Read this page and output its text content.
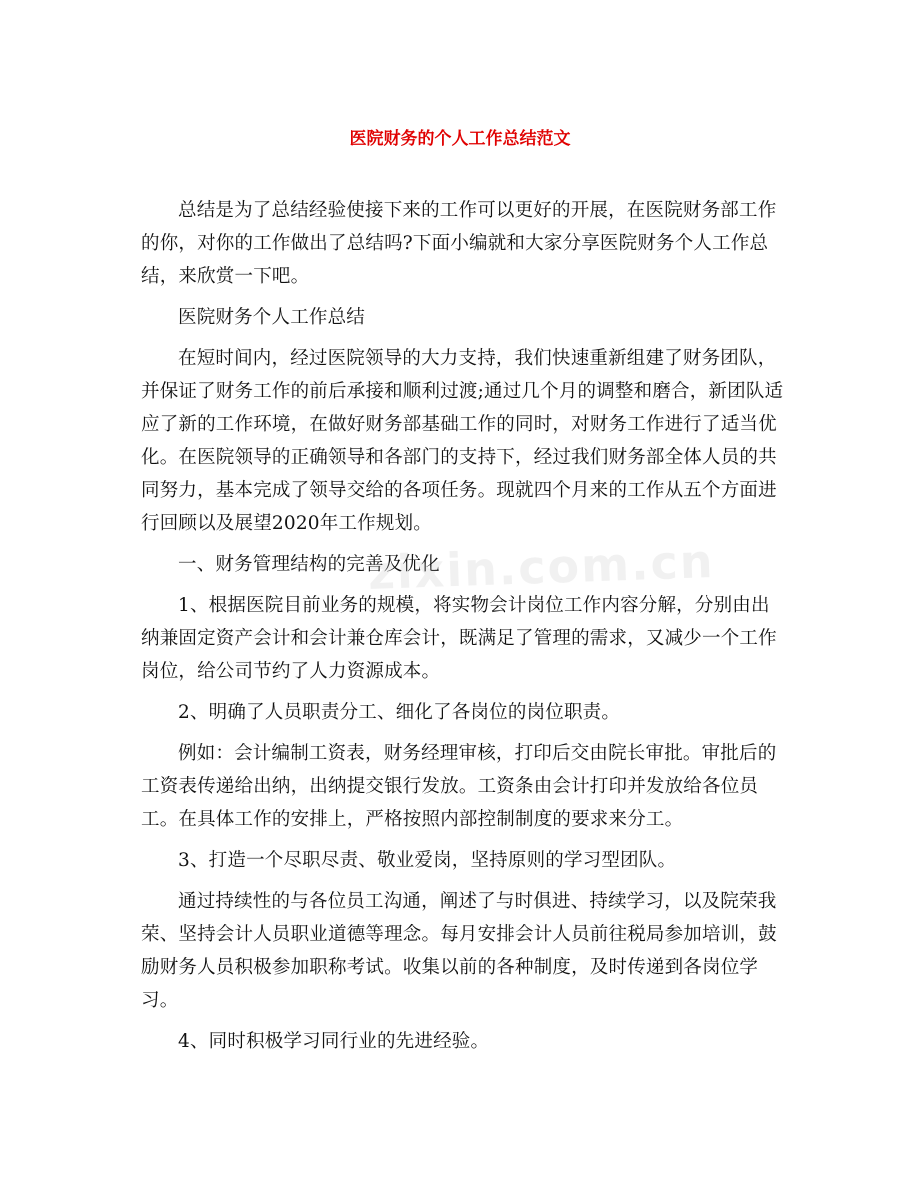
医院财务的个人工作总结范文

总结是为了总结经验使接下来的工作可以更好的开展，在医院财务部工作的你，对你的工作做出了总结吗?下面小编就和大家分享医院财务个人工作总结，来欣赏一下吧。

医院财务个人工作总结

在短时间内，经过医院领导的大力支持，我们快速重新组建了财务团队，并保证了财务工作的前后承接和顺利过渡;通过几个月的调整和磨合，新团队适应了新的工作环境，在做好财务部基础工作的同时，对财务工作进行了适当优化。在医院领导的正确领导和各部门的支持下，经过我们财务部全体人员的共同努力，基本完成了领导交给的各项任务。现就四个月来的工作从五个方面进行回顾以及展望2020年工作规划。

一、财务管理结构的完善及优化

1、根据医院目前业务的规模，将实物会计岗位工作内容分解，分别由出纳兼固定资产会计和会计兼仓库会计，既满足了管理的需求，又减少一个工作岗位，给公司节约了人力资源成本。

2、明确了人员职责分工、细化了各岗位的岗位职责。

例如：会计编制工资表，财务经理审核，打印后交由院长审批。审批后的工资表传递给出纳，出纳提交银行发放。工资条由会计打印并发放给各位员工。在具体工作的安排上，严格按照内部控制制度的要求来分工。

3、打造一个尽职尽责、敬业爱岗，坚持原则的学习型团队。

通过持续性的与各位员工沟通，阐述了与时俱进、持续学习，以及院荣我荣、坚持会计人员职业道德等理念。每月安排会计人员前往税局参加培训，鼓励财务人员积极参加职称考试。收集以前的各种制度，及时传递到各岗位学习。

4、同时积极学习同行业的先进经验。

zixin.com.cn
